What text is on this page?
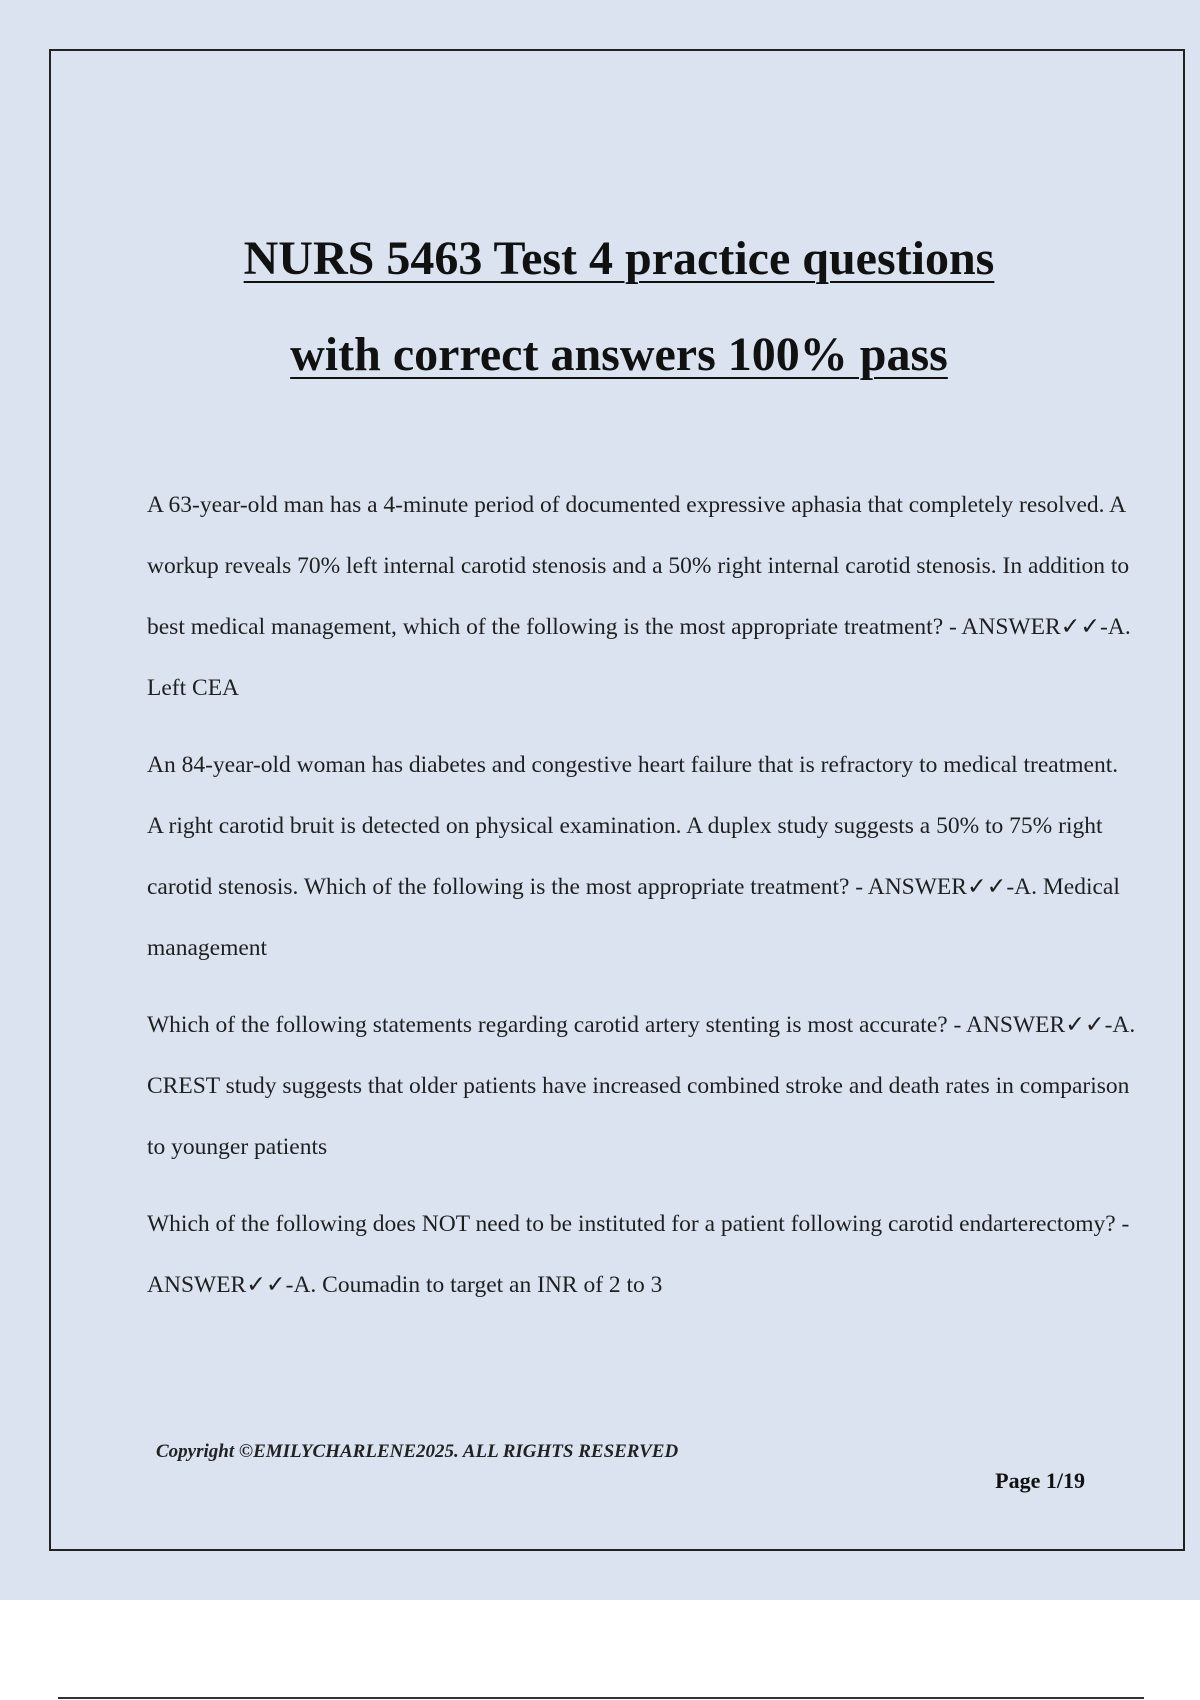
NURS 5463 Test 4 practice questions
with correct answers 100% pass

A 63-year-old man has a 4-minute period of documented expressive aphasia that completely resolved. A workup reveals 70% left internal carotid stenosis and a 50% right internal carotid stenosis. In addition to best medical management, which of the following is the most appropriate treatment? - ANSWER✓✓-A. Left CEA

An 84-year-old woman has diabetes and congestive heart failure that is refractory to medical treatment. A right carotid bruit is detected on physical examination. A duplex study suggests a 50% to 75% right carotid stenosis. Which of the following is the most appropriate treatment? - ANSWER✓✓-A. Medical management

Which of the following statements regarding carotid artery stenting is most accurate? - ANSWER✓✓-A. CREST study suggests that older patients have increased combined stroke and death rates in comparison to younger patients

Which of the following does NOT need to be instituted for a patient following carotid endarterectomy? - ANSWER✓✓-A. Coumadin to target an INR of 2 to 3

Copyright ©EMILYCHARLENE2025. ALL RIGHTS RESERVED
Page 1/19
